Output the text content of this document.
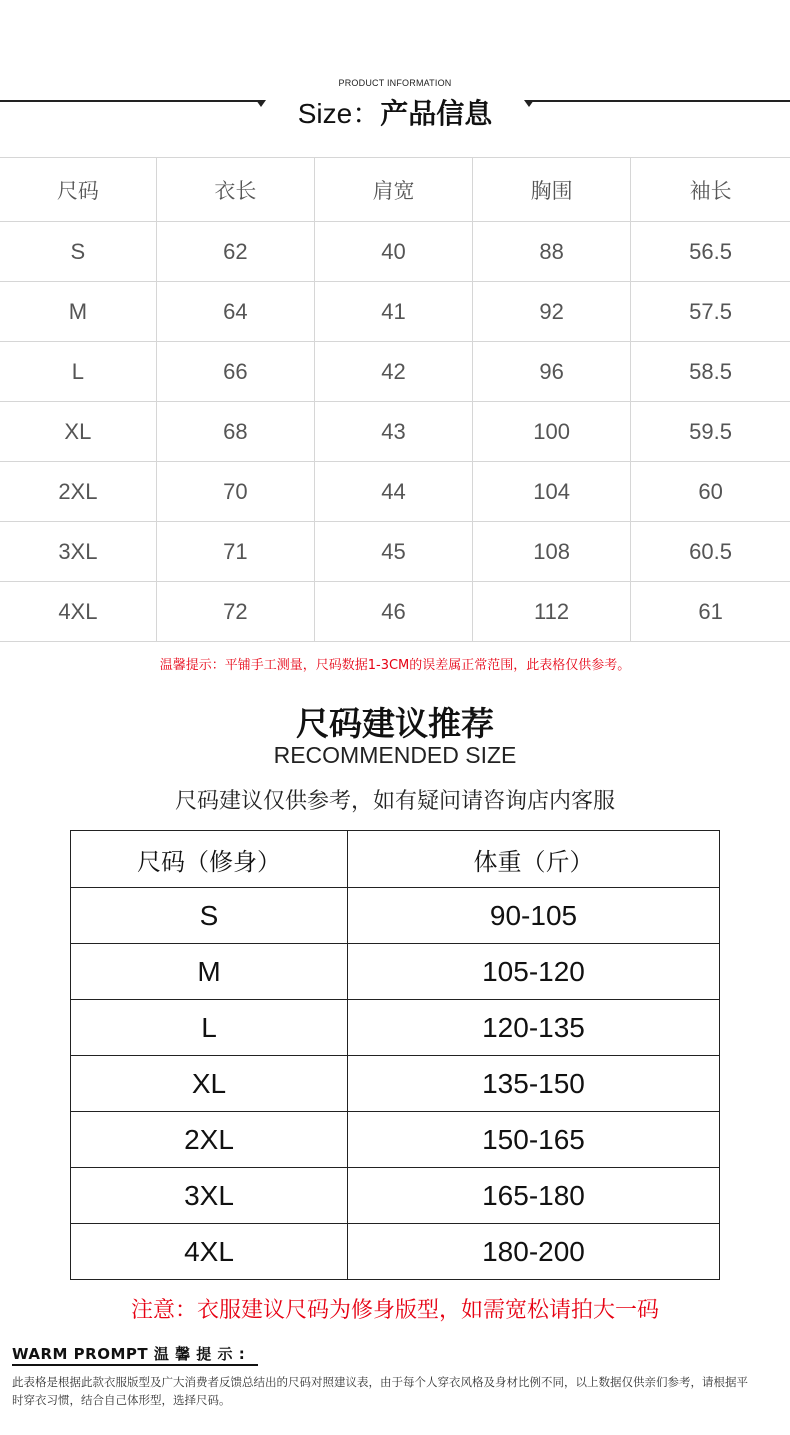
PRODUCT INFORMATION
Size：产品信息
尺码	衣长	肩宽	胸围	袖长
S	62	40	88	56.5
M	64	41	92	57.5
L	66	42	96	58.5
XL	68	43	100	59.5
2XL	70	44	104	60
3XL	71	45	108	60.5
4XL	72	46	112	61
温馨提示：平铺手工测量，尺码数据1-3CM的误差属正常范围，此表格仅供参考。
尺码建议推荐
RECOMMENDED SIZE
尺码建议仅供参考，如有疑问请咨询店内客服
尺码（修身）	体重（斤）
S	90-105
M	105-120
L	120-135
XL	135-150
2XL	150-165
3XL	165-180
4XL	180-200
注意：衣服建议尺码为修身版型，如需宽松请拍大一码
WARM PROMPT 温 馨 提 示 :
此表格是根据此款衣服版型及广大消费者反馈总结出的尺码对照建议表，由于每个人穿衣风格及身材比例不同，以上数据仅供亲们参考，请根据平时穿衣习惯，结合自己体形型，选择尺码。
